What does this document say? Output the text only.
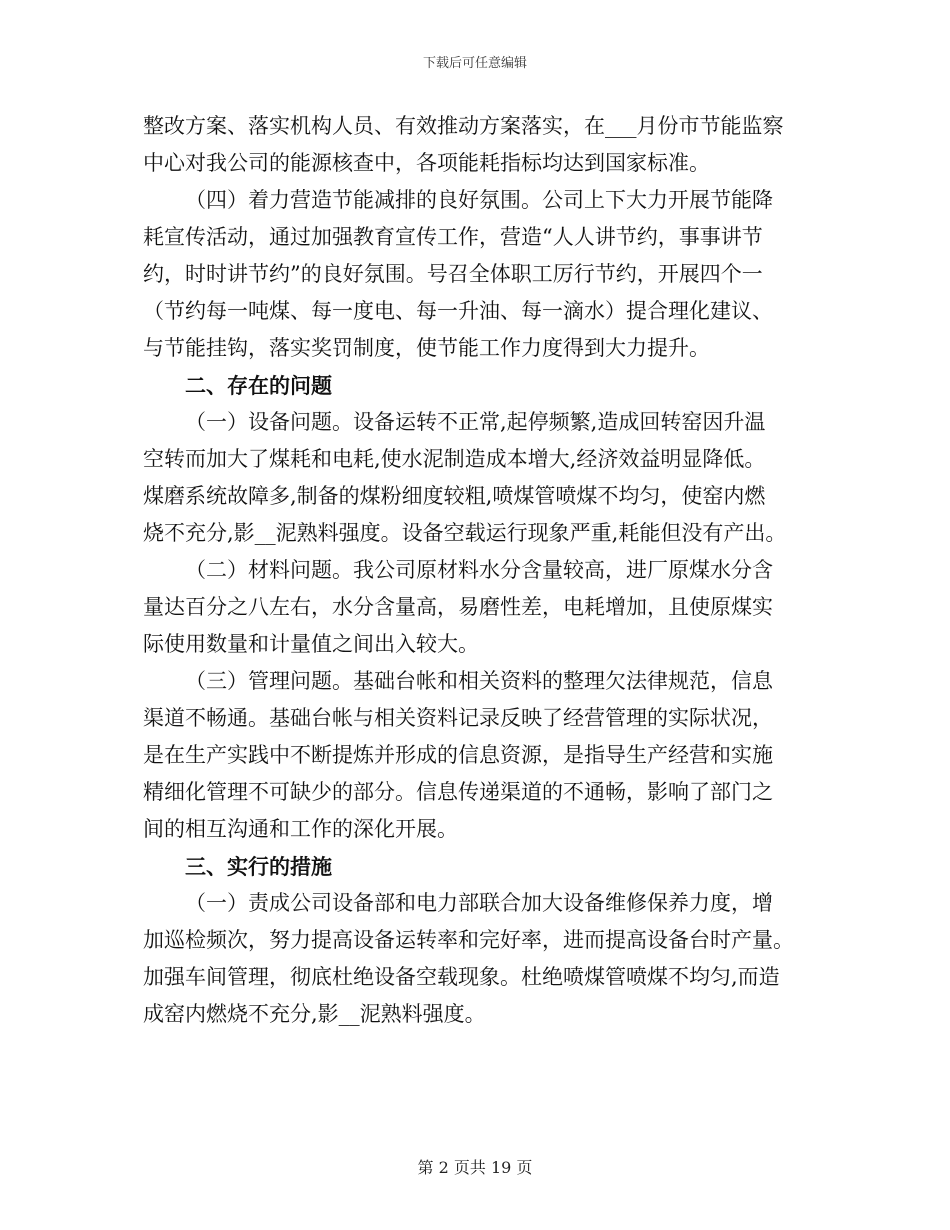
下载后可任意编辑
整改方案、落实机构人员、有效推动方案落实，在___月份市节能监察
中心对我公司的能源核查中，各项能耗指标均达到国家标准。
（四）着力营造节能减排的良好氛围。公司上下大力开展节能降
耗宣传活动，通过加强教育宣传工作，营造“人人讲节约，事事讲节
约，时时讲节约”的良好氛围。号召全体职工厉行节约，开展四个一
（节约每一吨煤、每一度电、每一升油、每一滴水）提合理化建议、
与节能挂钩，落实奖罚制度，使节能工作力度得到大力提升。
二、存在的问题
（一）设备问题。设备运转不正常,起停频繁,造成回转窑因升温
空转而加大了煤耗和电耗,使水泥制造成本增大,经济效益明显降低。
煤磨系统故障多,制备的煤粉细度较粗,喷煤管喷煤不均匀，使窑内燃
烧不充分,影__泥熟料强度。设备空载运行现象严重,耗能但没有产出。
（二）材料问题。我公司原材料水分含量较高，进厂原煤水分含
量达百分之八左右，水分含量高，易磨性差，电耗增加，且使原煤实
际使用数量和计量值之间出入较大。
（三）管理问题。基础台帐和相关资料的整理欠法律规范，信息
渠道不畅通。基础台帐与相关资料记录反映了经营管理的实际状况，
是在生产实践中不断提炼并形成的信息资源，是指导生产经营和实施
精细化管理不可缺少的部分。信息传递渠道的不通畅，影响了部门之
间的相互沟通和工作的深化开展。
三、实行的措施
（一）责成公司设备部和电力部联合加大设备维修保养力度，增
加巡检频次，努力提高设备运转率和完好率，进而提高设备台时产量。
加强车间管理，彻底杜绝设备空载现象。杜绝喷煤管喷煤不均匀,而造
成窑内燃烧不充分,影__泥熟料强度。
第 2 页共 19 页
